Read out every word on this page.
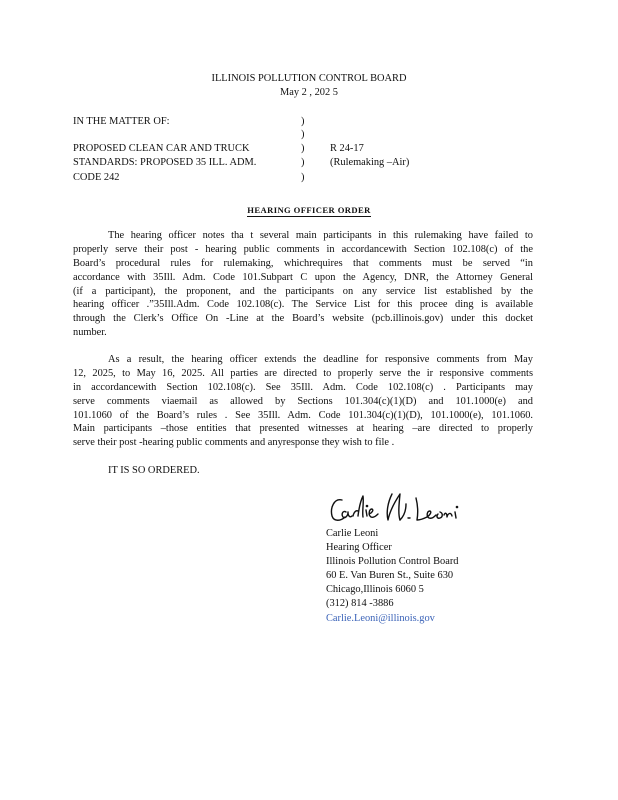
ILLINOIS POLLUTION CONTROL BOARD
May 2 , 202 5
IN THE MATTER OF:
PROPOSED CLEAN CAR AND TRUCK
STANDARDS: PROPOSED 35 ILL. ADM.
CODE 242
)
)
)
)
)
R 24-17
(Rulemaking –Air)
HEARING OFFICER ORDER
The hearing officer notes tha t several main participants in this rulemaking have failed to
properly serve their post - hearing public comments in accordancewith Section 102.108(c) of the
Board’s procedural rules for rulemaking, whichrequires that comments must be served “in
accordance with 35Ill. Adm. Code 101.Subpart C upon the Agency, DNR, the Attorney General
(if a participant), the proponent, and the participants on any service list established by the
hearing officer .”35Ill.Adm. Code 102.108(c). The Service List for this procee ding is available
through the Clerk’s Office On -Line at the Board’s website (pcb.illinois.gov) under this docket
number.
As a result, the hearing officer extends the deadline for responsive comments from May
12, 2025, to May 16, 2025. All parties are directed to properly serve the ir responsive comments
in accordancewith Section 102.108(c). See 35Ill. Adm. Code 102.108(c) . Participants may
serve comments viaemail as allowed by Sections 101.304(c)(1)(D) and 101.1000(e) and
101.1060 of the Board’s rules . See 35Ill. Adm. Code 101.304(c)(1)(D), 101.1000(e), 101.1060.
Main participants –those entities that presented witnesses at hearing –are directed to properly
serve their post -hearing public comments and anyresponse they wish to file .
IT IS SO ORDERED.
Carlie Leoni
Hearing Officer
Illinois Pollution Control Board
60 E. Van Buren St., Suite 630
Chicago,Illinois 6060 5
(312) 814 -3886
Carlie.Leoni@illinois.gov
